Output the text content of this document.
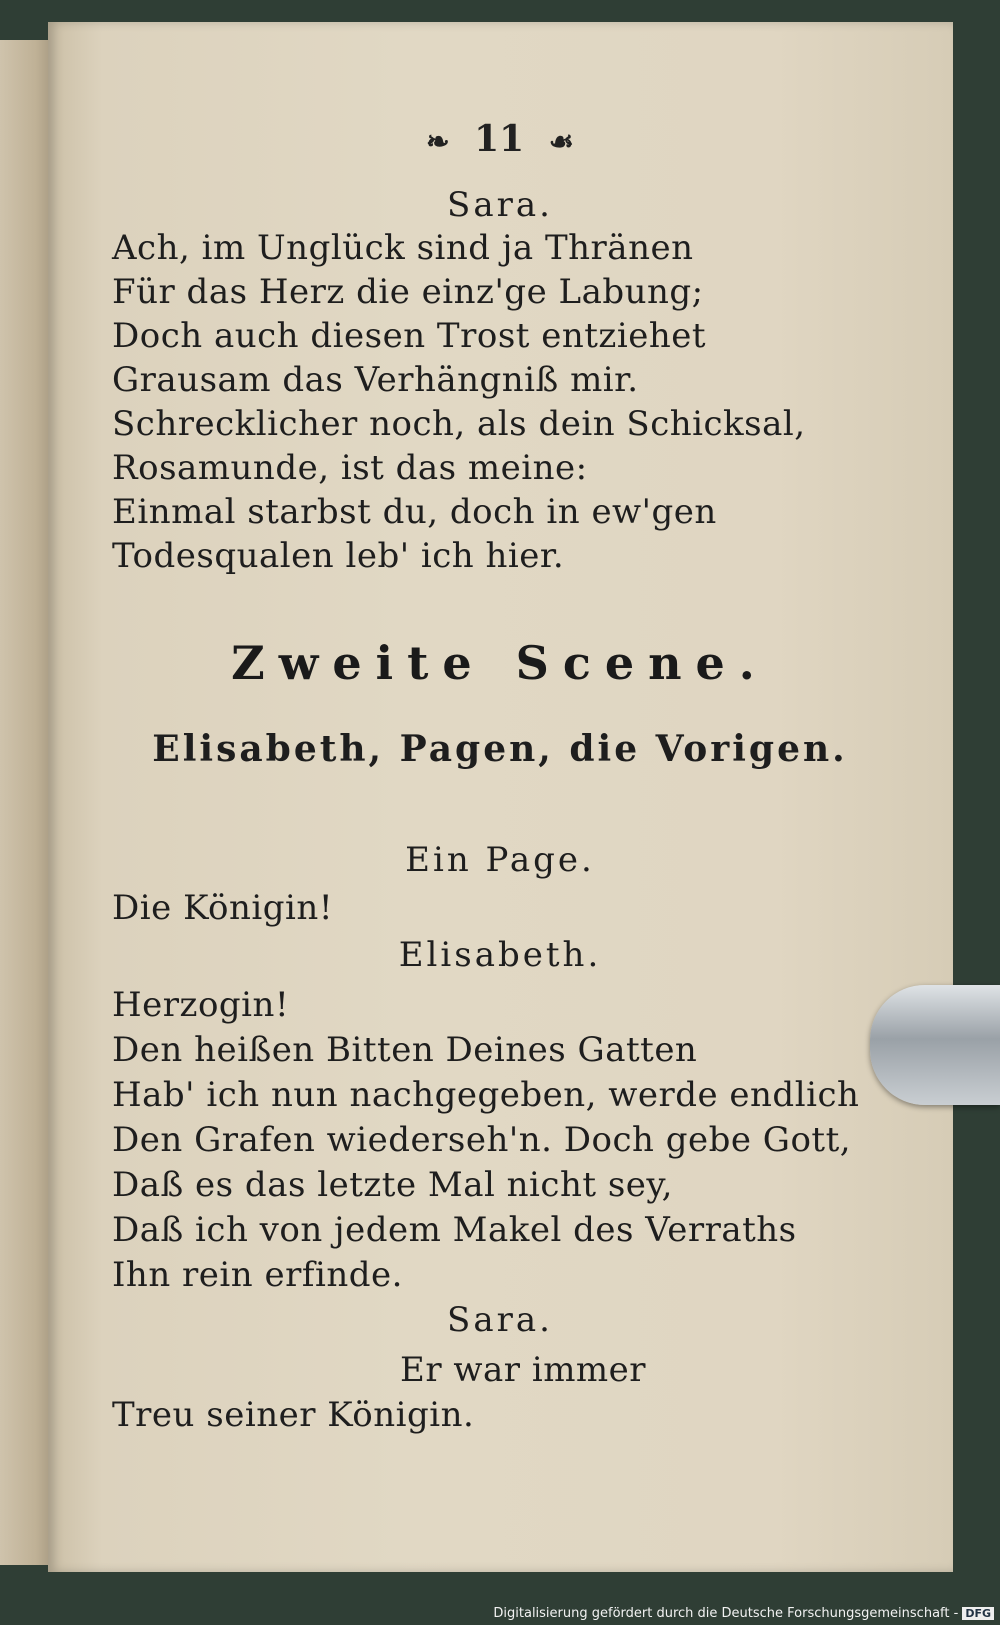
❧ 11 ☙
Sara.
Ach, im Unglück sind ja Thränen
Für das Herz die einz'ge Labung;
Doch auch diesen Trost entziehet
Grausam das Verhängniß mir.
Schrecklicher noch, als dein Schicksal,
Rosamunde, ist das meine:
Einmal starbst du, doch in ew'gen
Todesqualen leb' ich hier.
Zweite Scene.
Elisabeth, Pagen, die Vorigen.
Ein Page.
Die Königin!
Elisabeth.
Herzogin!
Den heißen Bitten Deines Gatten
Hab' ich nun nachgegeben, werde endlich
Den Grafen wiederseh'n. Doch gebe Gott,
Daß es das letzte Mal nicht sey,
Daß ich von jedem Makel des Verraths
Ihn rein erfinde.
Sara.
Er war immer
Treu seiner Königin.
Digitalisierung gefördert durch die Deutsche Forschungsgemeinschaft - DFG
